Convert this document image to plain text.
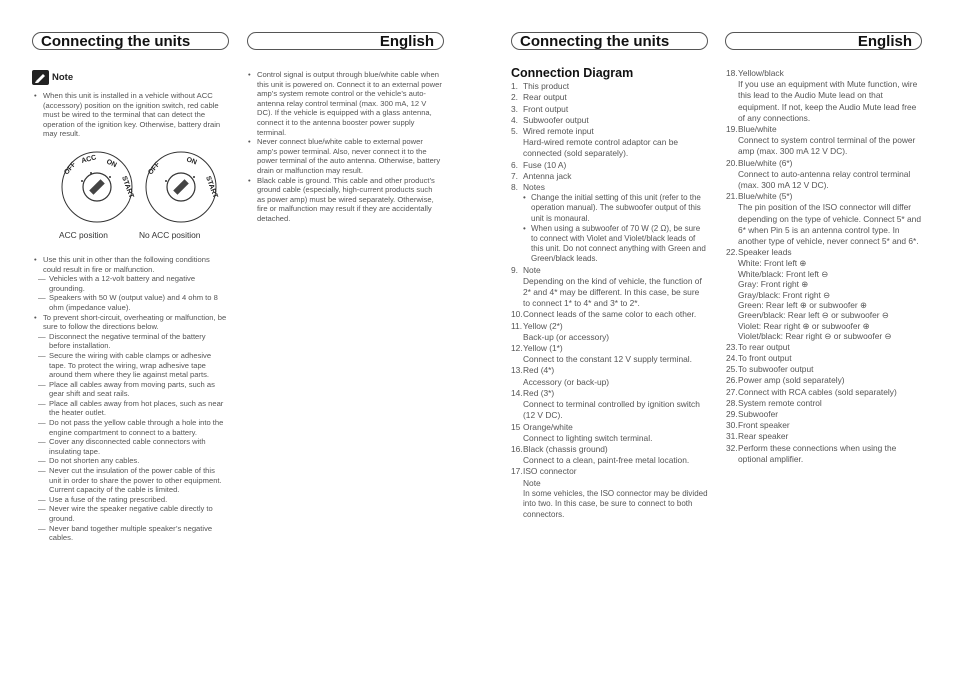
Connecting the units	English	Connecting the units	English
Note

• When this unit is installed in a vehicle without ACC (accessory) position on the ignition switch, red cable must be wired to the terminal that can detect the operation of the ignition key. Otherwise, battery drain may result.

OFF
ACC ON
START
OFF	ON
START
ACC position	No ACC position

• Use this unit in other than the following conditions could result in fire or malfunction.

— Vehicles with a 12-volt battery and negative grounding.

— Speakers with 50 W (output value) and 4 ohm to 8 ohm (impedance value).

• To prevent short-circuit, overheating or malfunction, be sure to follow the directions below.

— Disconnect the negative terminal of the battery before installation.

— Secure the wiring with cable clamps or adhesive tape. To protect the wiring, wrap adhesive tape around them where they lie against metal parts.

— Place all cables away from moving parts, such as gear shift and seat rails.

— Place all cables away from hot places, such as near the heater outlet.

— Do not pass the yellow cable through a hole into the engine compartment to connect to a battery.

— Cover any disconnected cable connectors with insulating tape.

— Do not shorten any cables.

— Never cut the insulation of the power cable of this unit in order to share the power to other equipment. Current capacity of the cable is limited.

— Use a fuse of the rating prescribed.

— Never wire the speaker negative cable directly to ground.

— Never band together multiple speaker’s negative cables.

• Control signal is output through blue/white cable when this unit is powered on. Connect it to an external power amp’s system remote control or the vehicle’s auto-antenna relay control terminal (max. 300 mA, 12 V DC). If the vehicle is equipped with a glass antenna, connect it to the antenna booster power supply terminal.

• Never connect blue/white cable to external power amp’s power terminal. Also, never connect it to the power terminal of the auto antenna. Otherwise, battery drain or malfunction may result.

• Black cable is ground. This cable and other product’s ground cable (especially, high-current products such as power amp) must be wired separately. Otherwise, fire or malfunction may result if they are accidentally detached.

Connection Diagram
1. This product
2. Rear output
3. Front output
4. Subwoofer output
5. Wired remote input
Hard-wired remote control adaptor can be connected (sold separately).
6. Fuse (10 A)
7. Antenna jack
8. Notes
• Change the initial setting of this unit (refer to the operation manual). The subwoofer output of this unit is monaural.
• When using a subwoofer of 70 W (2 Ω), be sure to connect with Violet and Violet/black leads of this unit. Do not connect anything with Green and Green/black leads.
9. Note
Depending on the kind of vehicle, the function of 2* and 4* may be different. In this case, be sure to connect 1* to 4* and 3* to 2*.
10. Connect leads of the same color to each other.
11. Yellow (2*)
Back-up (or accessory)
12. Yellow (1*)
Connect to the constant 12 V supply terminal.
13. Red (4*)
Accessory (or back-up)
14. Red (3*)
Connect to terminal controlled by ignition switch (12 V DC).
15 Orange/white
Connect to lighting switch terminal.
16. Black (chassis ground)
Connect to a clean, paint-free metal location.
17. ISO connector
Note
In some vehicles, the ISO connector may be divided into two. In this case, be sure to connect to both connectors.
18. Yellow/black
If you use an equipment with Mute function, wire this lead to the Audio Mute lead on that equipment. If not, keep the Audio Mute lead free of any connections.
19. Blue/white
Connect to system control terminal of the power amp (max. 300 mA 12 V DC).
20. Blue/white (6*)
Connect to auto-antenna relay control terminal (max. 300 mA 12 V DC).
21. Blue/white (5*)
The pin position of the ISO connector will differ depending on the type of vehicle. Connect 5* and 6* when Pin 5 is an antenna control type. In another type of vehicle, never connect 5* and 6*.
22. Speaker leads
White: Front left ⊕
White/black: Front left ⊖
Gray: Front right ⊕
Gray/black: Front right ⊖
Green: Rear left ⊕ or subwoofer ⊕
Green/black: Rear left ⊖ or subwoofer ⊖
Violet: Rear right ⊕ or subwoofer ⊕
Violet/black: Rear right ⊖ or subwoofer ⊖
23. To rear output
24. To front output
25. To subwoofer output
26. Power amp (sold separately)
27. Connect with RCA cables (sold separately)
28. System remote control
29. Subwoofer
30. Front speaker
31. Rear speaker
32. Perform these connections when using the optional amplifier.
